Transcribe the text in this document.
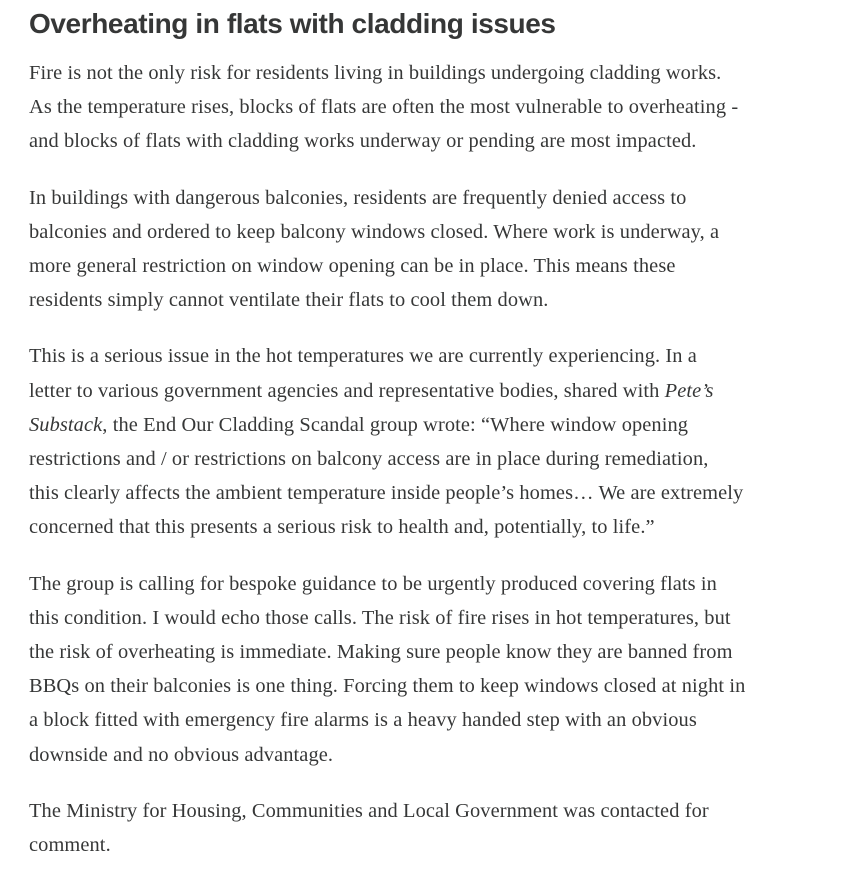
Overheating in flats with cladding issues

Fire is not the only risk for residents living in buildings undergoing cladding works.
As the temperature rises, blocks of flats are often the most vulnerable to overheating -
and blocks of flats with cladding works underway or pending are most impacted.

In buildings with dangerous balconies, residents are frequently denied access to
balconies and ordered to keep balcony windows closed. Where work is underway, a
more general restriction on window opening can be in place. This means these
residents simply cannot ventilate their flats to cool them down.

This is a serious issue in the hot temperatures we are currently experiencing. In a
letter to various government agencies and representative bodies, shared with Pete’s
Substack, the End Our Cladding Scandal group wrote: “Where window opening
restrictions and / or restrictions on balcony access are in place during remediation,
this clearly affects the ambient temperature inside people’s homes… We are extremely
concerned that this presents a serious risk to health and, potentially, to life.”

The group is calling for bespoke guidance to be urgently produced covering flats in
this condition. I would echo those calls. The risk of fire rises in hot temperatures, but
the risk of overheating is immediate. Making sure people know they are banned from
BBQs on their balconies is one thing. Forcing them to keep windows closed at night in
a block fitted with emergency fire alarms is a heavy handed step with an obvious
downside and no obvious advantage.

The Ministry for Housing, Communities and Local Government was contacted for
comment.
